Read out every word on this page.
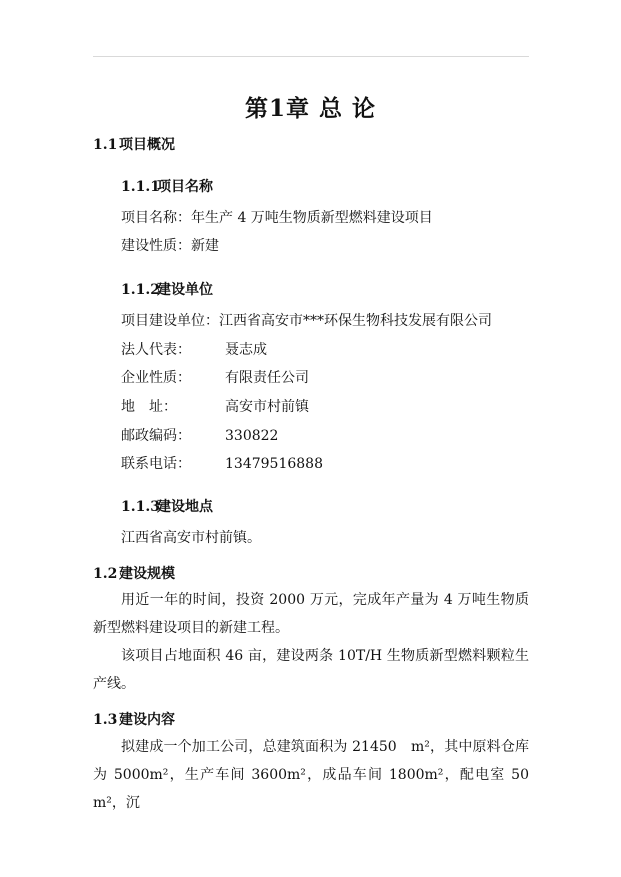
第1章 总 论
1.1 项目概况
1.1.1项目名称
项目名称：年生产 4 万吨生物质新型燃料建设项目
建设性质：新建
1.1.2建设单位
项目建设单位：江西省高安市***环保生物科技发展有限公司
法人代表： 聂志成
企业性质： 有限责任公司
地　址：	高安市村前镇
邮政编码： 330822
联系电话： 13479516888
1.1.3建设地点
江西省高安市村前镇。
1.2 建设规模
用近一年的时间，投资 2000 万元，完成年产量为 4 万吨生物质新型燃料建设项目的新建工程。
该项目占地面积 46 亩，建设两条 10T/H 生物质新型燃料颗粒生产线。
1.3 建设内容
拟建成一个加工公司，总建筑面积为 21450　m²，其中原料仓库为 5000m²，生产车间 3600m²，成品车间 1800m²，配电室 50 m²，沉
